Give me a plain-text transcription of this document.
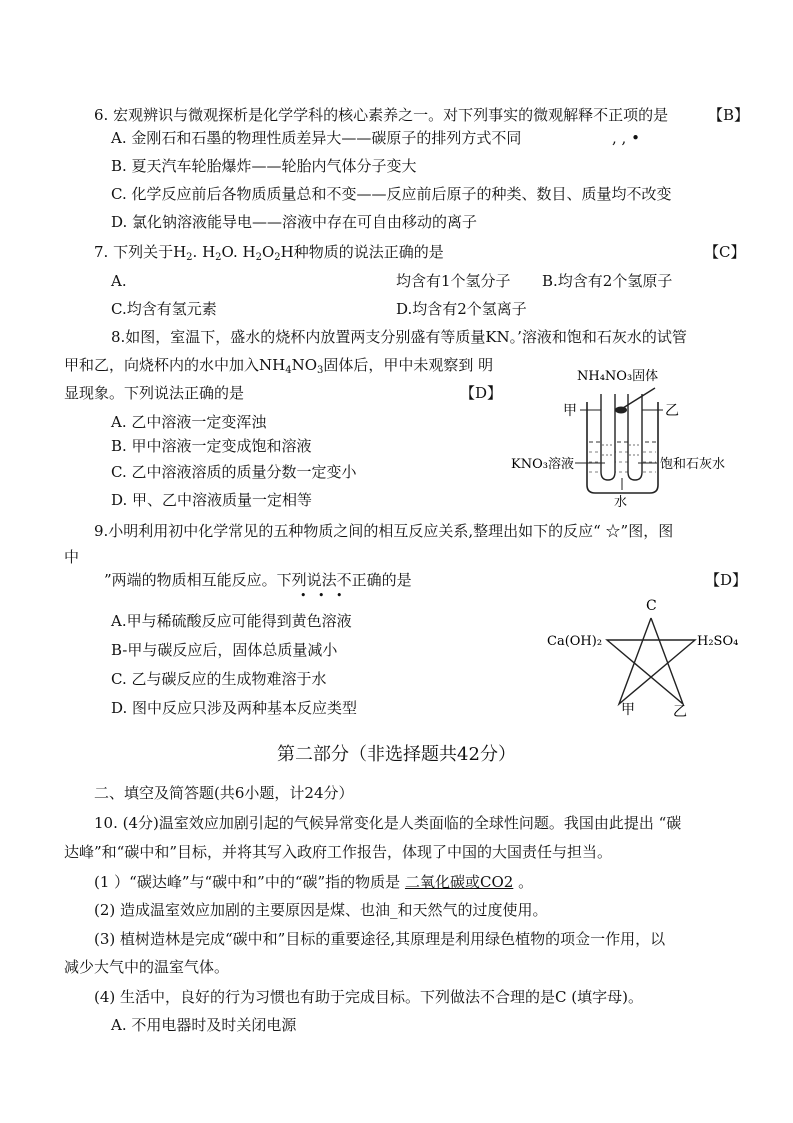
6. 宏观辨识与微观探析是化学学科的核心素养之一。对下列事实的微观解释不正项的是	【B】
A. 金刚石和石墨的物理性质差异大——碳原子的排列方式不同	, , •
B. 夏天汽车轮胎爆炸——轮胎内气体分子变大
C. 化学反应前后各物质质量总和不变——反应前后原子的种类、数目、质量均不改变
D. 氯化钠溶液能导电——溶液中存在可自由移动的离子
7. 下列关于$H_2$. $H_2O$. $H_2O_2H$种物质的说法正确的是	【C】
A.	均含有1个氢分子 B.均含有2个氢原子
C.均含有氢元素	D.均含有2个氢离子
8.如图，室温下，盛水的烧杯内放置两支分别盛有等质量KN。’溶液和饱和石灰水的试管
甲和乙，向烧杯内的水中加入$NH_4NO_3$固体后，甲中未观察到 明
显现象。下列说法正确的是	【D】
A. 乙中溶液一定变浑浊
B. 甲中溶液一定变成饱和溶液
C. 乙中溶液溶质的质量分数一定变小
D. 甲、乙中溶液质量一定相等
NH₄NO₃固体
甲	乙
KNO₃溶液	饱和石灰水
水
9.小明利用初中化学常见的五种物质之间的相互反应关系,整理出如下的反应“ ☆”图，图
中
”两端的物质相互能反应。下列说法不正确的是
• • •
【D】
A.甲与稀硫酸反应可能得到黄色溶液
B-甲与碳反应后，固体总质量减小
C. 乙与碳反应的生成物难溶于水
D. 图中反应只涉及两种基本反应类型
C
Ca(OH)₂	H₂SO₄
甲	乙
第二部分（非选择题共42分）
二、填空及简答题(共6小题，计24分）
10. (4分)温室效应加剧引起的气候异常变化是人类面临的全球性问题。我国由此提出 “碳
达峰”和“碳中和”目标，并将其写入政府工作报告，体现了中国的大国责任与担当。
(1 ）“碳达峰”与“碳中和”中的“碳”指的物质是 二氧化碳或CO2 。
(2) 造成温室效应加剧的主要原因是煤、也油_和天然气的过度使用。
(3) 植树造林是完成“碳中和”目标的重要途径,其原理是利用绿色植物的项佥一作用，以
减少大气中的温室气体。
(4) 生活中，良好的行为习惯也有助于完成目标。下列做法不合理的是C (填字母)。
A. 不用电器时及时关闭电源
